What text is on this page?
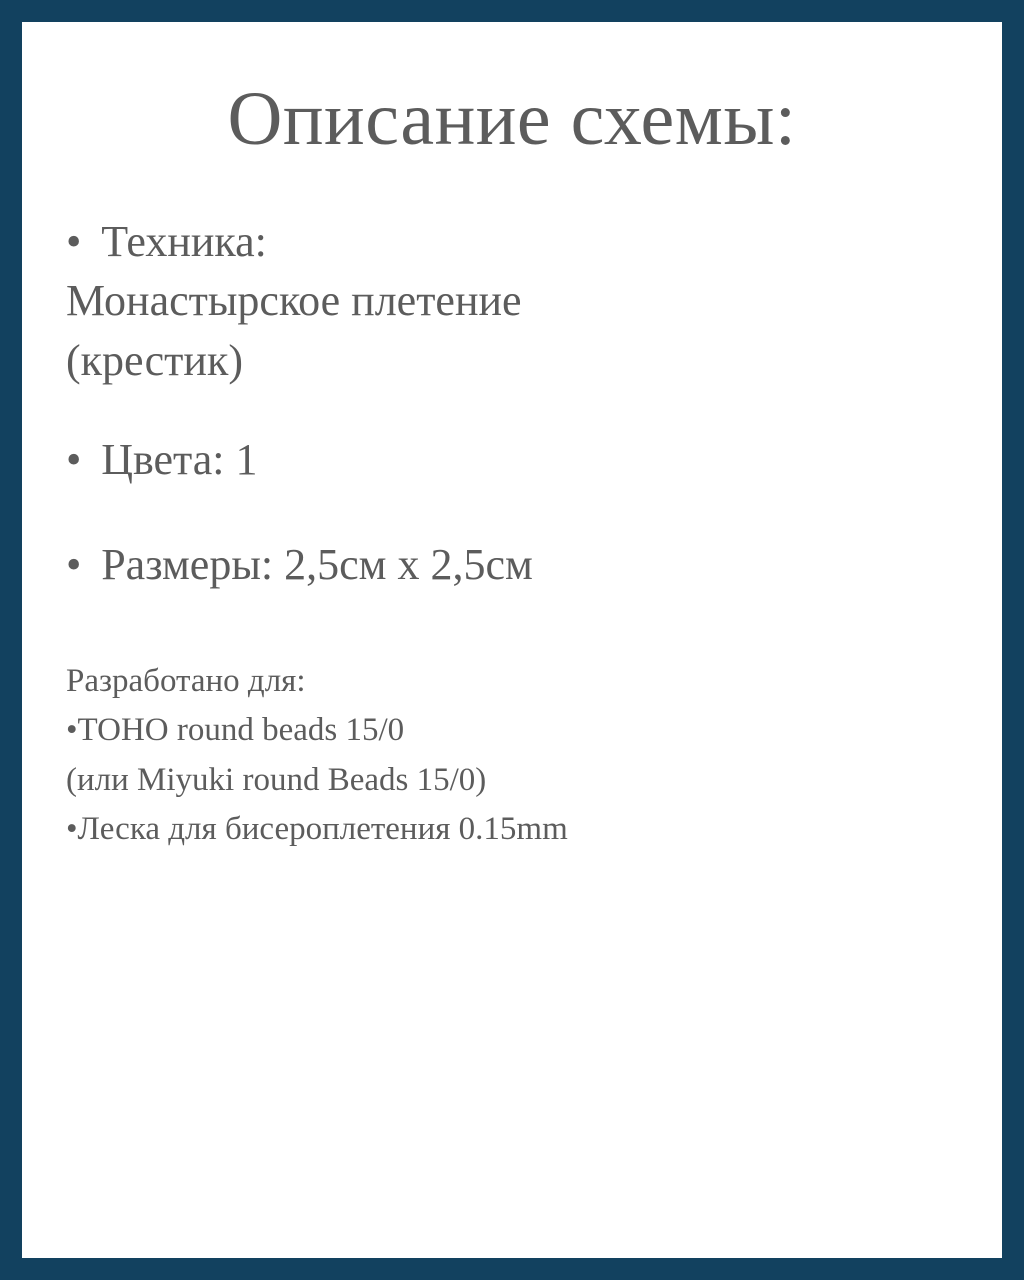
Описание схемы:
• Техника:
Монастырское плетение
(крестик)
• Цвета: 1
• Размеры: 2,5см х 2,5см
Разработано для:
•TOHO round beads 15/0
(или Miyuki round Beads 15/0)
•Леска для бисероплетения 0.15mm
